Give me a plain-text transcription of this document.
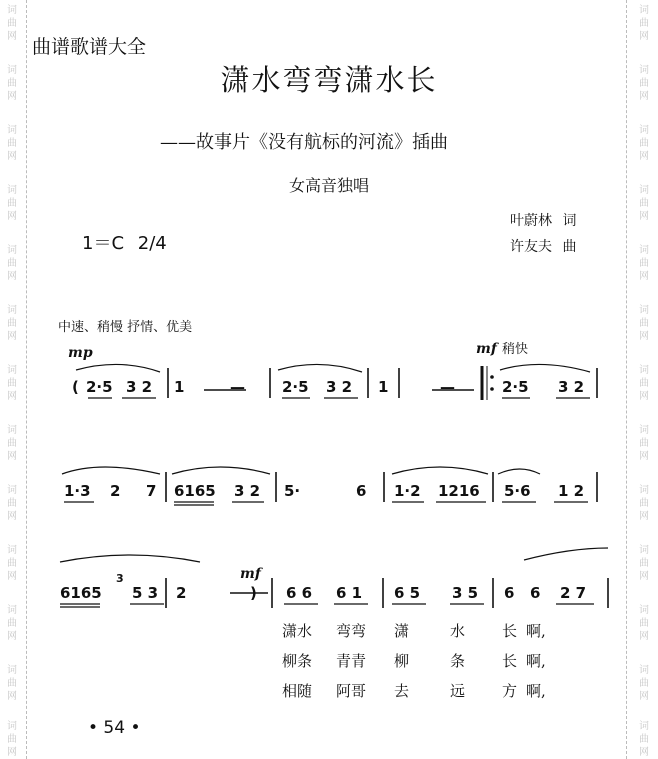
词
曲
网
词
曲
网
词
曲
网
词
曲
网
词
曲
网
词
曲
网
词
曲
网
词
曲
网
词
曲
网
词
曲
网
词
曲
网
词
曲
网
词
曲
网
词
曲
网
词
曲
网
词
曲
网
词
曲
网
词
曲
网
词
曲
网
词
曲
网
词
曲
网
词
曲
网
词
曲
网
词
曲
网
词
曲
网
词
曲
网
曲谱歌谱大全
潇水弯弯潇水长
——故事片《没有航标的河流》插曲
女高音独唱
1＝C 2/4
叶蔚林 词
许友夫 曲
中速、稍慢 抒情、优美
mp	mf 稍快
mf
( 2·5 3 2 1	— 2·5 3 2 1	—	2·5 3 2
1·3 2 7 6165 3 2 5·	6 1·2 1216 5·6 1 2
6165
3
5 3 2	) 6 6 6 1 6 5 3 5 6 6 2 7
潇水 弯弯 潇	水 长 啊,
柳条 青青 柳	条 长 啊,
相随 阿哥 去	远 方 啊,
• 54 •
